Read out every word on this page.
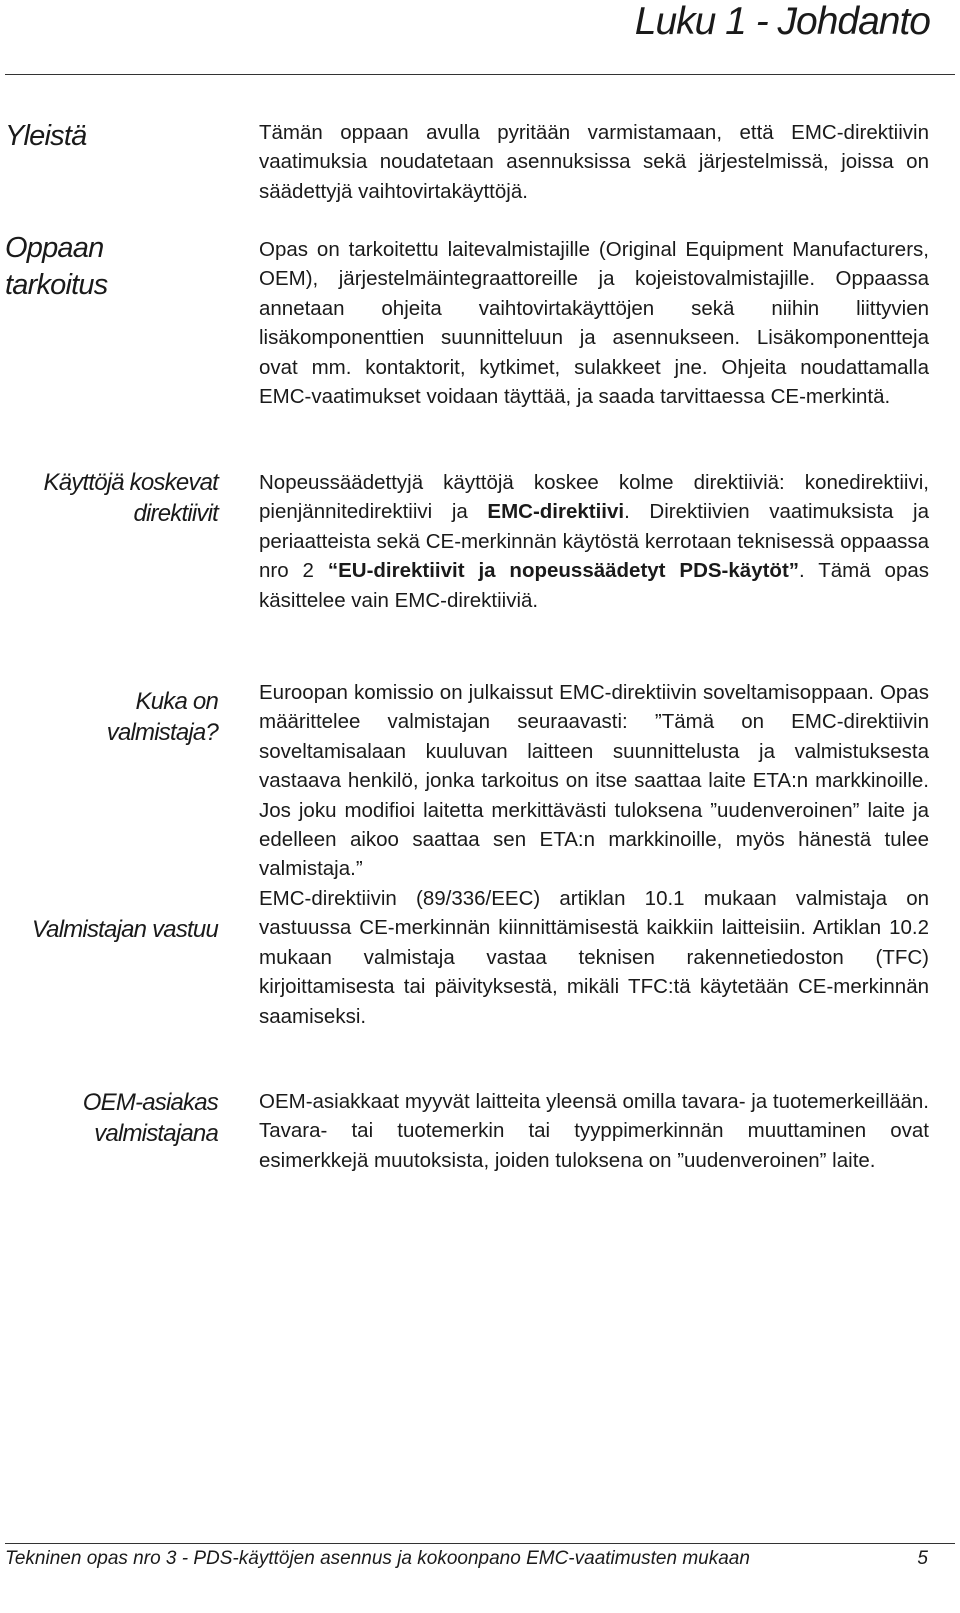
Luku 1 - Johdanto
Yleistä
Oppaan
tarkoitus
Käyttöjä koskevat
direktiivit
Kuka on
valmistaja?
Valmistajan vastuu
OEM-asiakas
valmistajana

Tämän oppaan avulla pyritään varmistamaan, että EMC-direktiivin vaatimuksia noudatetaan asennuksissa sekä järjestelmissä, joissa on säädettyjä vaihtovirtakäyttöjä.

Opas on tarkoitettu laitevalmistajille (Original Equipment Manufacturers, OEM), järjestelmäintegraattoreille ja kojeistovalmistajille. Oppaassa annetaan ohjeita vaihtovirtakäyttöjen sekä niihin liittyvien lisäkomponenttien suunnitteluun ja asennukseen. Lisäkomponentteja ovat mm. kontaktorit, kytkimet, sulakkeet jne. Ohjeita noudattamalla EMC-vaatimukset voidaan täyttää, ja saada tarvittaessa CE-merkintä.

Nopeussäädettyjä käyttöjä koskee kolme direktiiviä: konedirektiivi, pienjännitedirektiivi ja EMC-direktiivi. Direktiivien vaatimuksista ja periaatteista sekä CE-merkinnän käytöstä kerrotaan teknisessä oppaassa nro 2 “EU-direktiivit ja nopeussäädetyt PDS-käytöt”. Tämä opas käsittelee vain EMC-direktiiviä.

Euroopan komissio on julkaissut EMC-direktiivin soveltamisoppaan. Opas määrittelee valmistajan seuraavasti: ”Tämä on EMC-direktiivin soveltamisalaan kuuluvan laitteen suunnittelusta ja valmistuksesta vastaava henkilö, jonka tarkoitus on itse saattaa laite ETA:n markkinoille. Jos joku modifioi laitetta merkittävästi tuloksena ”uudenveroinen” laite ja edelleen aikoo saattaa sen ETA:n markkinoille, myös hänestä tulee valmistaja.”

EMC-direktiivin (89/336/EEC) artiklan 10.1 mukaan valmistaja on vastuussa CE-merkinnän kiinnittämisestä kaikkiin laitteisiin. Artiklan 10.2 mukaan valmistaja vastaa teknisen rakennetiedoston (TFC) kirjoittamisesta tai päivityksestä, mikäli TFC:tä käytetään CE-merkinnän saamiseksi.

OEM-asiakkaat myyvät laitteita yleensä omilla tavara- ja tuotemerkeillään. Tavara- tai tuotemerkin tai tyyppimerkinnän muuttaminen ovat esimerkkejä muutoksista, joiden tuloksena on ”uudenveroinen” laite.

Tekninen opas nro 3 - PDS-käyttöjen asennus ja kokoonpano EMC-vaatimusten mukaan	5
